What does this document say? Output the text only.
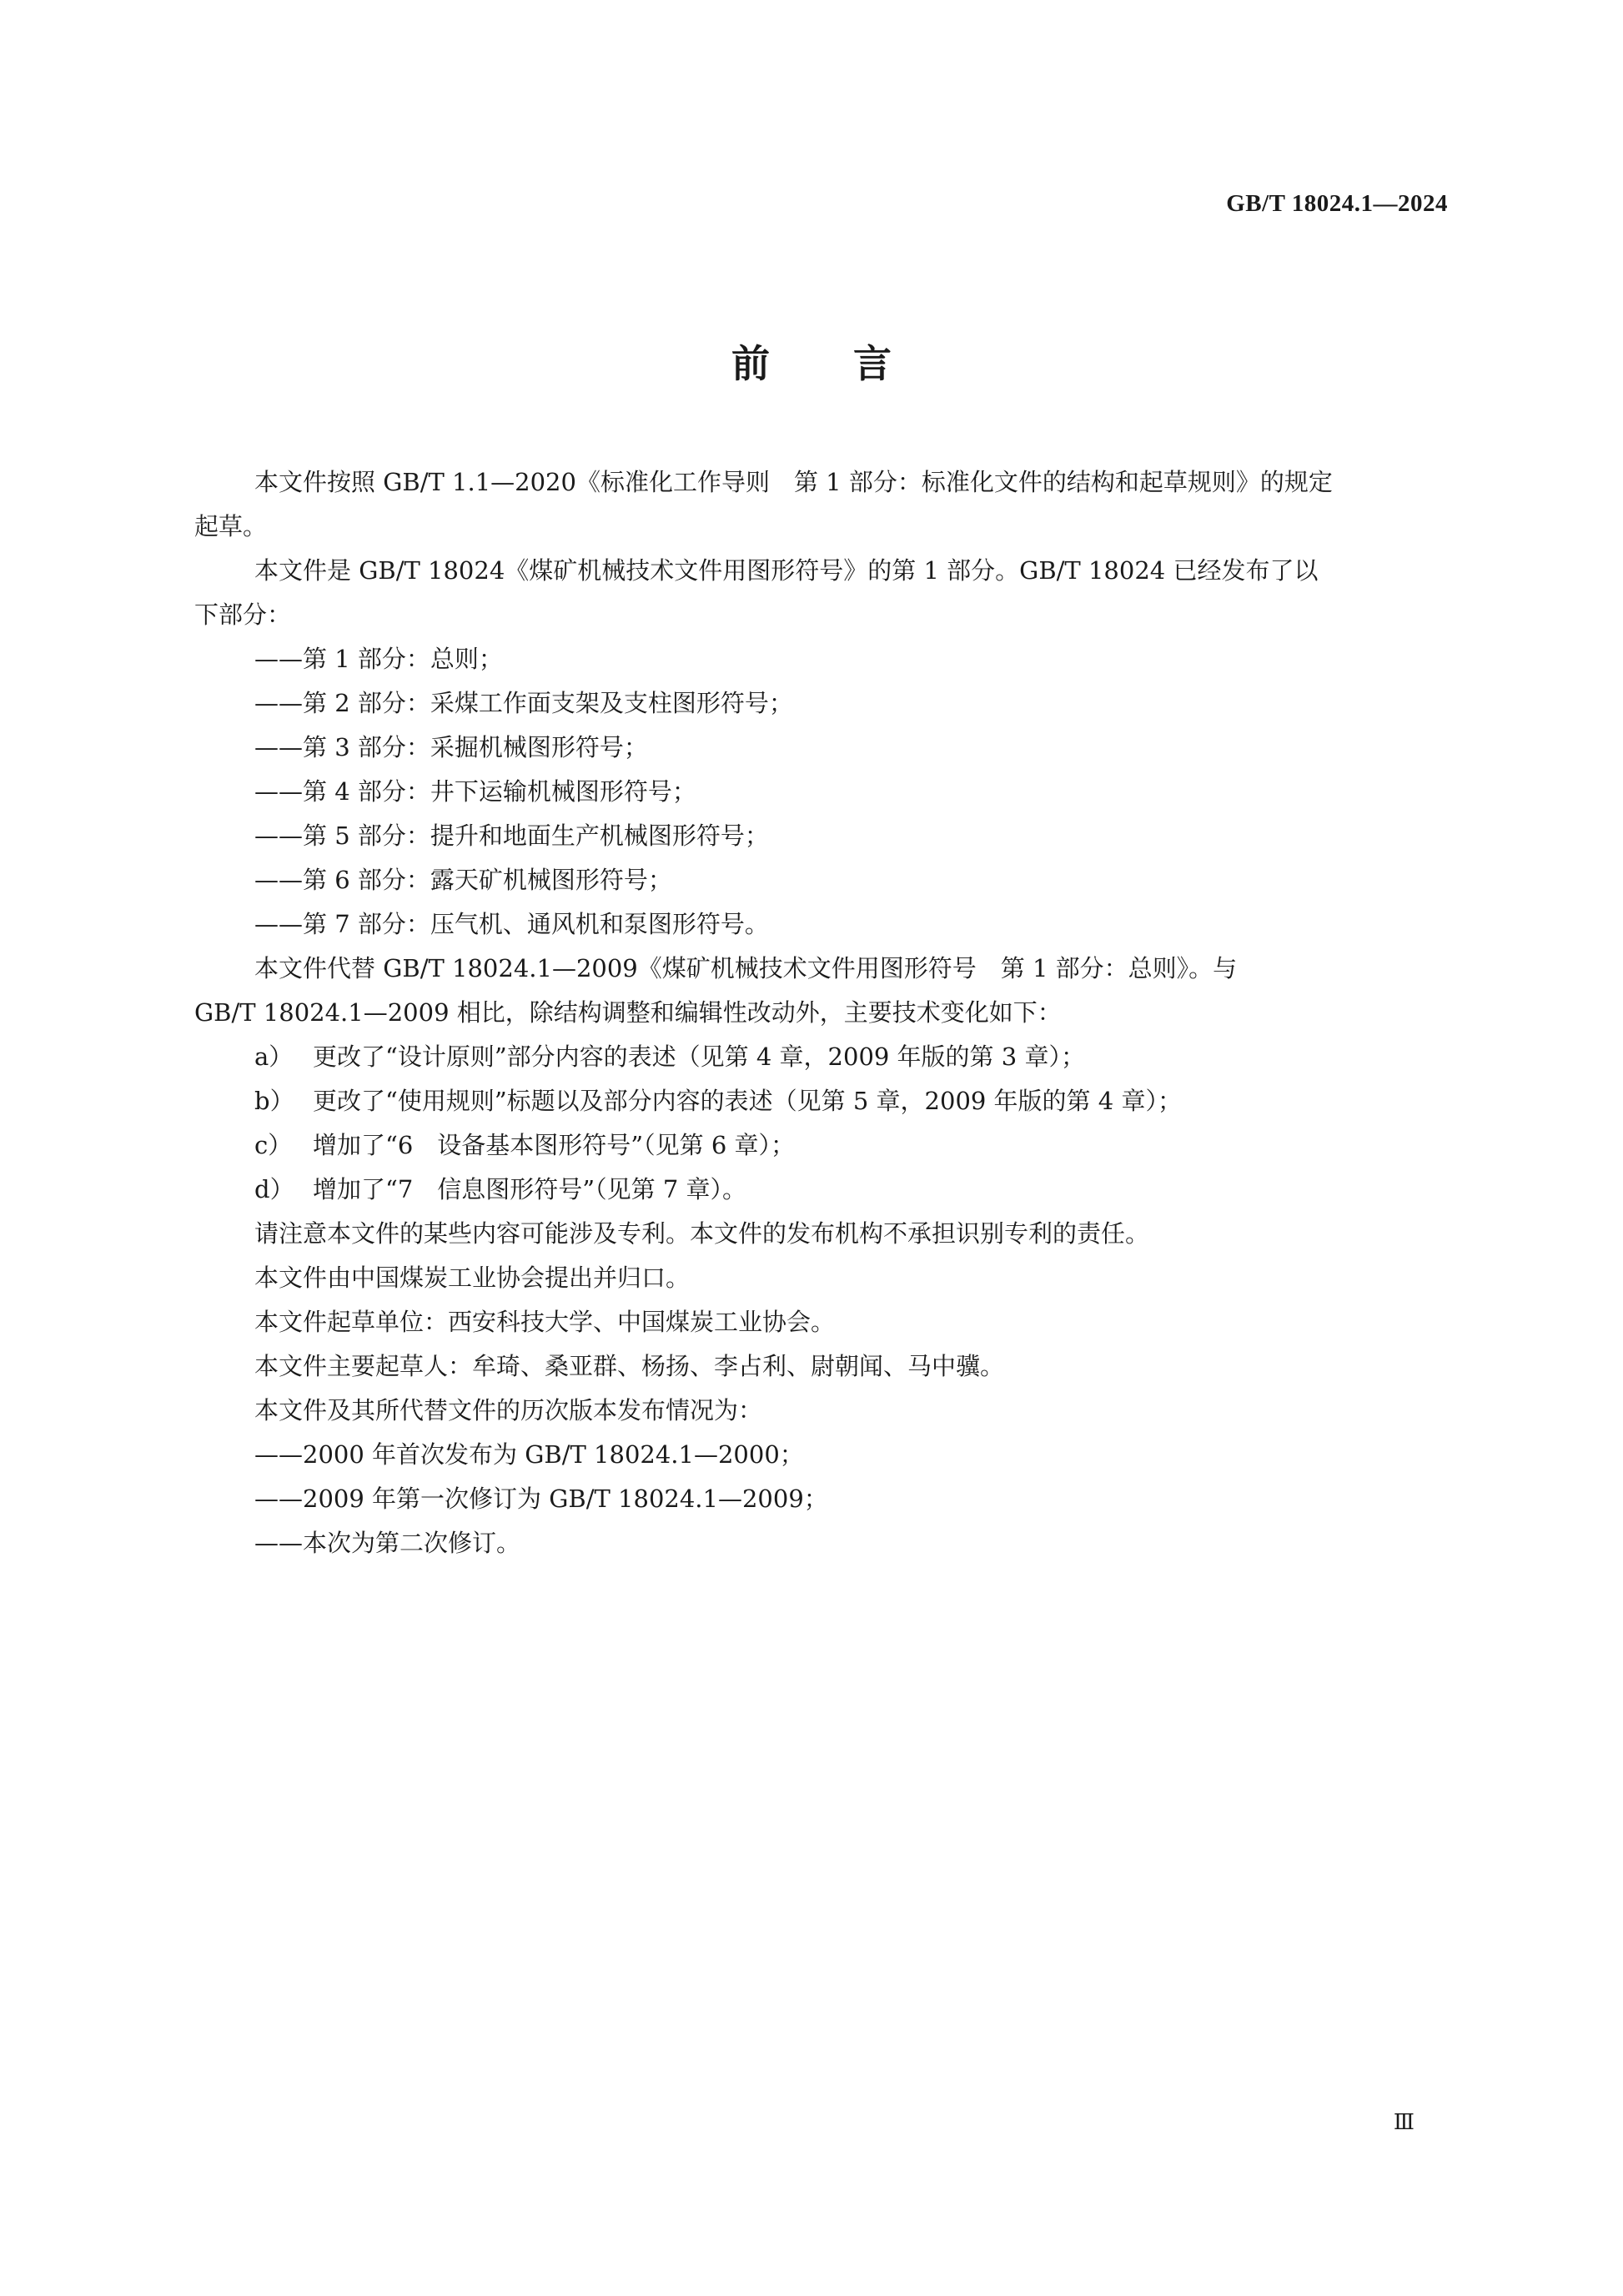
GB/T 18024.1—2024
前言

本文件按照 GB/T 1.1—2020《标准化工作导则　第 1 部分：标准化文件的结构和起草规则》的规定

起草。

本文件是 GB/T 18024《煤矿机械技术文件用图形符号》的第 1 部分。GB/T 18024 已经发布了以

下部分：

——第 1 部分：总则；

——第 2 部分：采煤工作面支架及支柱图形符号；

——第 3 部分：采掘机械图形符号；

——第 4 部分：井下运输机械图形符号；

——第 5 部分：提升和地面生产机械图形符号；

——第 6 部分：露天矿机械图形符号；

——第 7 部分：压气机、通风机和泵图形符号。

本文件代替 GB/T 18024.1—2009《煤矿机械技术文件用图形符号　第 1 部分：总则》。与

GB/T 18024.1—2009 相比，除结构调整和编辑性改动外，主要技术变化如下：

a） 更改了“设计原则”部分内容的表述（见第 4 章，2009 年版的第 3 章）；

b） 更改了“使用规则”标题以及部分内容的表述（见第 5 章，2009 年版的第 4 章）；

c） 增加了“6　设备基本图形符号”（见第 6 章）；

d） 增加了“7　信息图形符号”（见第 7 章）。

请注意本文件的某些内容可能涉及专利。本文件的发布机构不承担识别专利的责任。

本文件由中国煤炭工业协会提出并归口。

本文件起草单位：西安科技大学、中国煤炭工业协会。

本文件主要起草人：牟琦、桑亚群、杨扬、李占利、尉朝闻、马中骥。

本文件及其所代替文件的历次版本发布情况为：

——2000 年首次发布为 GB/T 18024.1—2000；

——2009 年第一次修订为 GB/T 18024.1—2009；

——本次为第二次修订。

Ⅲ
